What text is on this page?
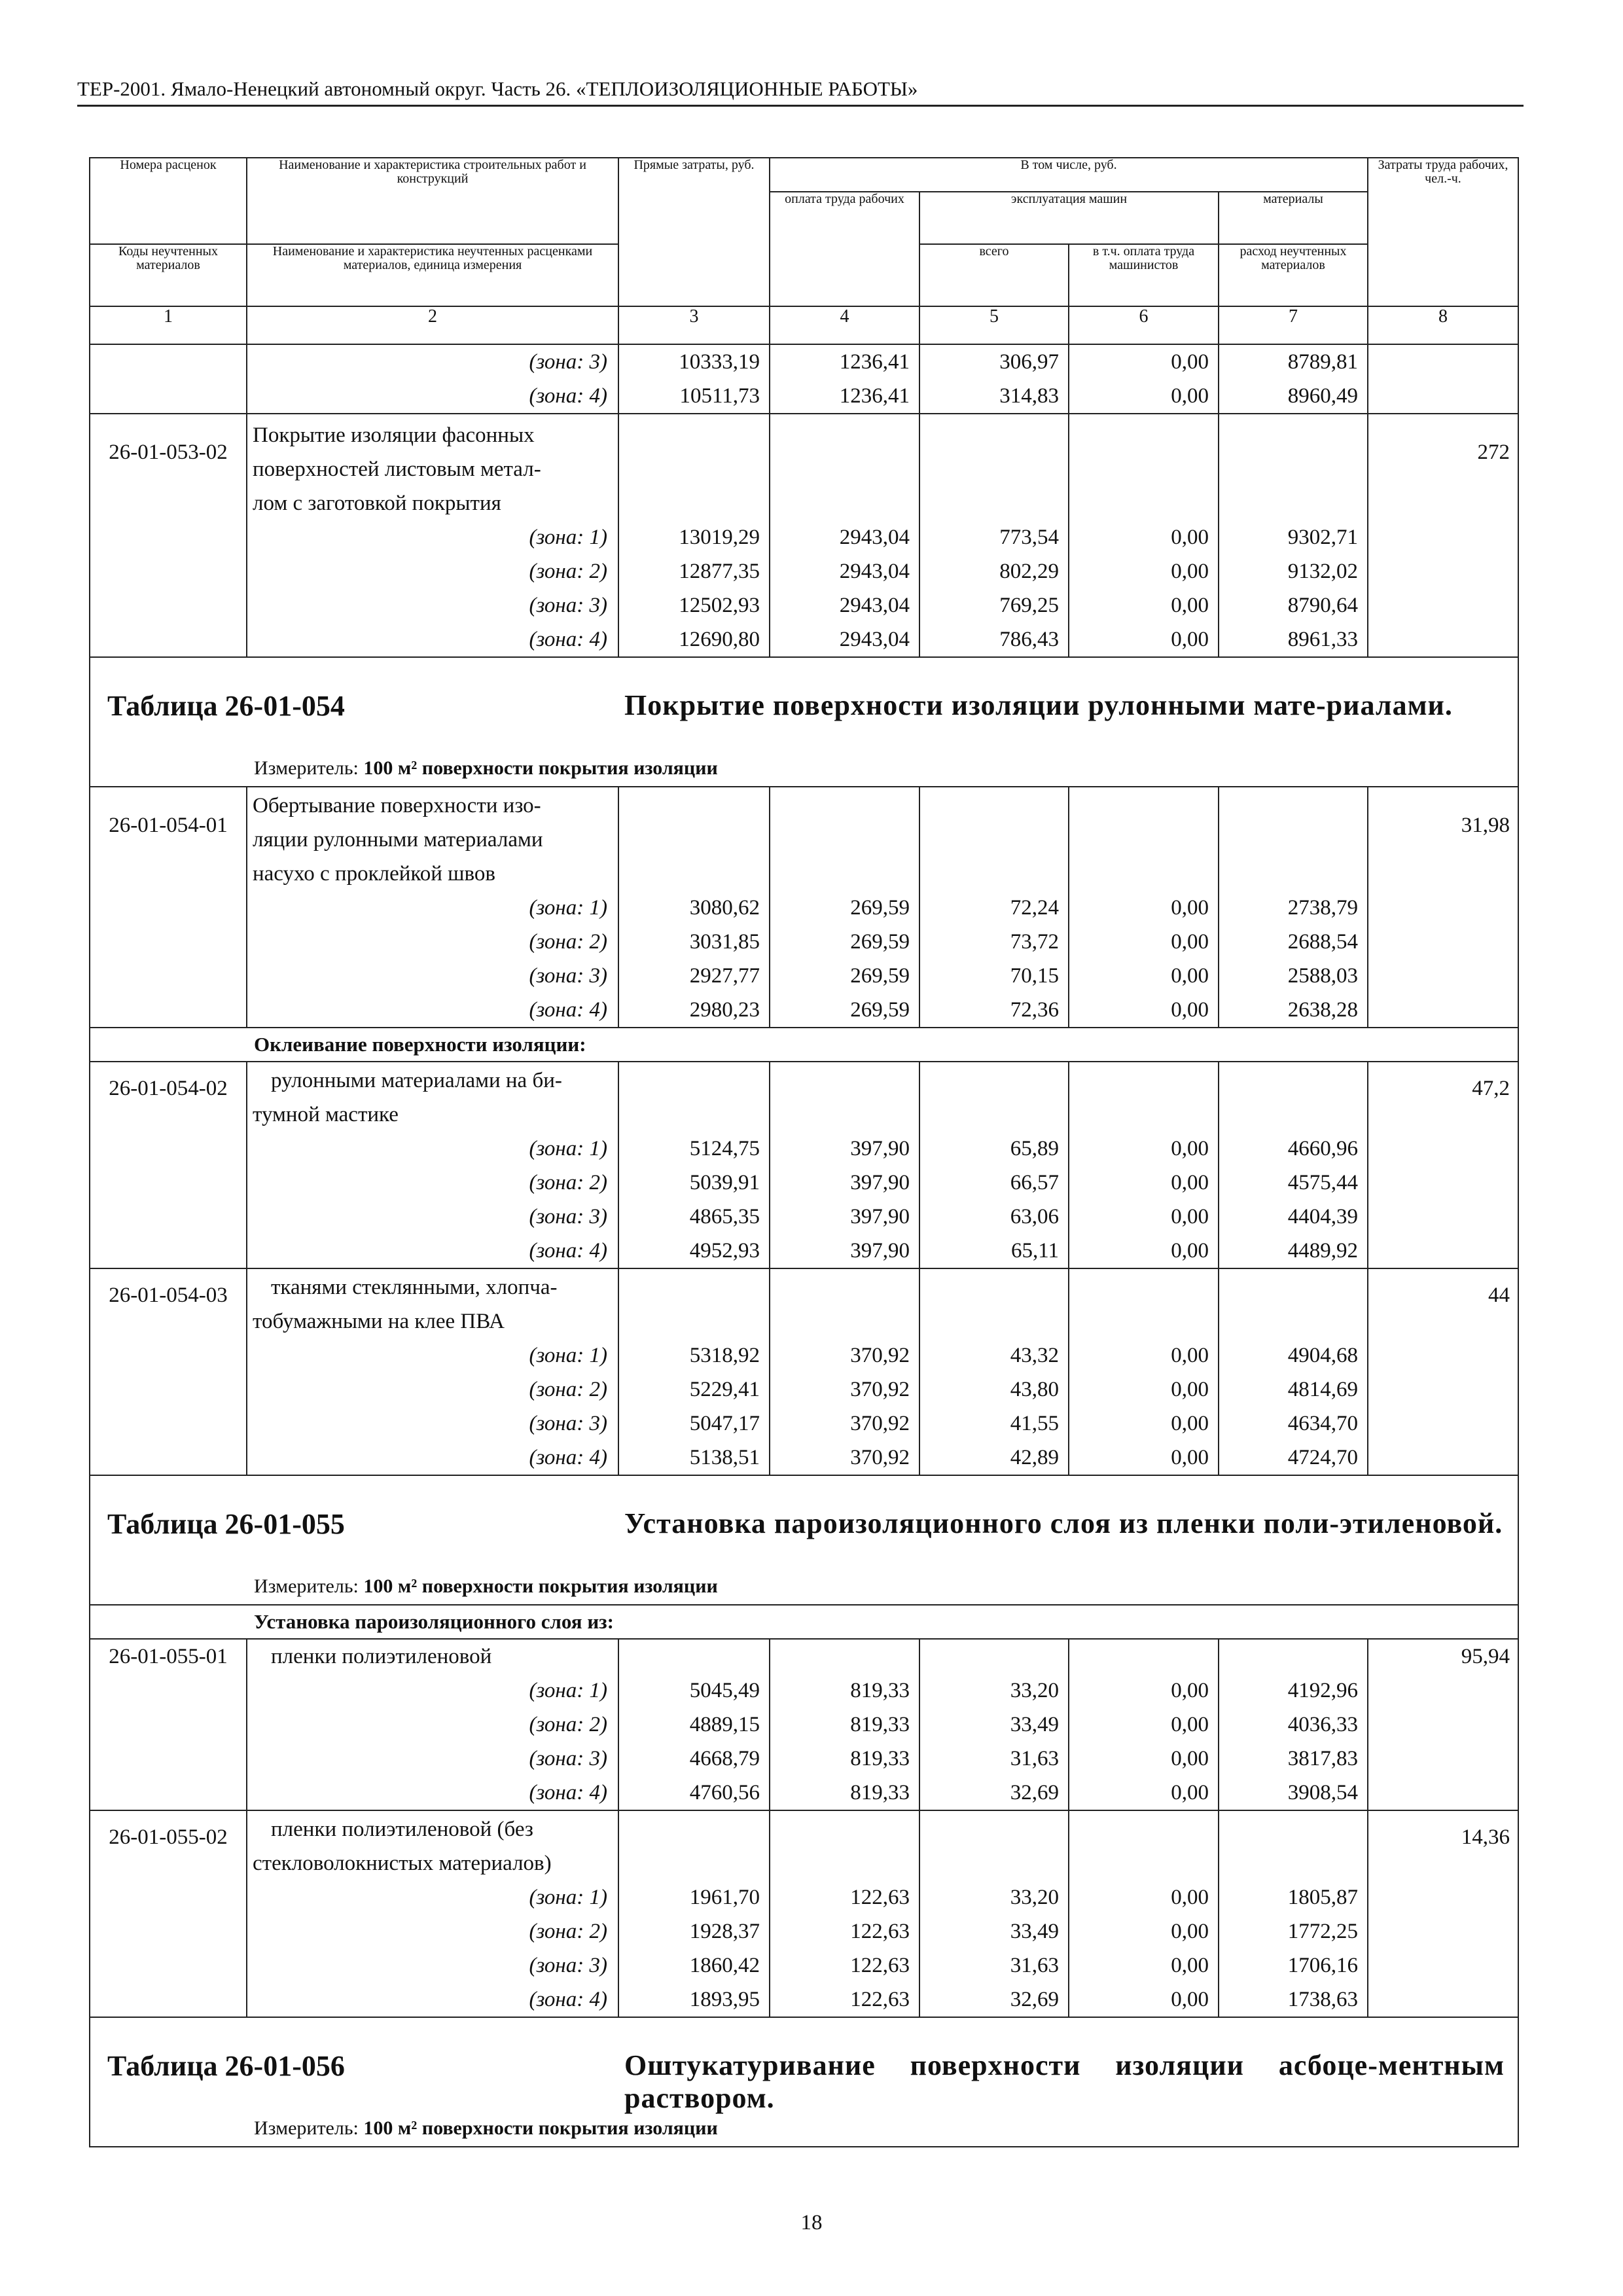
ТЕР-2001. Ямало-Ненецкий автономный округ. Часть 26. «ТЕПЛОИЗОЛЯЦИОННЫЕ РАБОТЫ»
Номера расценок	Наименование и характеристика строительных работ и конструкций	Прямые затраты, руб.	В том числе, руб.				Затраты труда рабочих, чел.-ч.
			оплата труда рабочих	эксплуатация машин		материалы	
Коды неучтенных материалов	Наименование и характеристика неучтенных расценками материалов, единица измерения			всего	в т.ч. оплата труда машинистов	расход неучтенных материалов	
1	2	3	4	5	6	7	8
	(зона: 3)	10333,19	1236,41	306,97	0,00	8789,81	
	(зона: 4)	10511,73	1236,41	314,83	0,00	8960,49	
26-01-053-02	Покрытие изоляции фасонных
поверхностей листовым метал-
лом с заготовкой покрытия						272
	(зона: 1)	13019,29	2943,04	773,54	0,00	9302,71	
	(зона: 2)	12877,35	2943,04	802,29	0,00	9132,02	
	(зона: 3)	12502,93	2943,04	769,25	0,00	8790,64	
	(зона: 4)	12690,80	2943,04	786,43	0,00	8961,33	

Таблица 26-01-054 Покрытие поверхности изоляции рулонными мате-риалами.
Измеритель: 100 м² поверхности покрытия изоляции							

26-01-054-01	Обертывание поверхности изо-
ляции рулонными материалами
насухо с проклейкой швов						31,98
	(зона: 1)	3080,62	269,59	72,24	0,00	2738,79	
	(зона: 2)	3031,85	269,59	73,72	0,00	2688,54	
	(зона: 3)	2927,77	269,59	70,15	0,00	2588,03	
	(зона: 4)	2980,23	269,59	72,36	0,00	2638,28	
Оклеивание поверхности изоляции:							
26-01-054-02	рулонными материалами на би-
тумной мастике						47,2
	(зона: 1)	5124,75	397,90	65,89	0,00	4660,96	
	(зона: 2)	5039,91	397,90	66,57	0,00	4575,44	
	(зона: 3)	4865,35	397,90	63,06	0,00	4404,39	
	(зона: 4)	4952,93	397,90	65,11	0,00	4489,92	
26-01-054-03	тканями стеклянными, хлопча-
тобумажными на клее ПВА						44
	(зона: 1)	5318,92	370,92	43,32	0,00	4904,68	
	(зона: 2)	5229,41	370,92	43,80	0,00	4814,69	
	(зона: 3)	5047,17	370,92	41,55	0,00	4634,70	
	(зона: 4)	5138,51	370,92	42,89	0,00	4724,70	

Таблица 26-01-055 Установка пароизоляционного слоя из пленки поли-этиленовой.
Измеритель: 100 м² поверхности покрытия изоляции							

Установка пароизоляционного слоя из:							
26-01-055-01	пленки полиэтиленовой						95,94
	(зона: 1)	5045,49	819,33	33,20	0,00	4192,96	
	(зона: 2)	4889,15	819,33	33,49	0,00	4036,33	
	(зона: 3)	4668,79	819,33	31,63	0,00	3817,83	
	(зона: 4)	4760,56	819,33	32,69	0,00	3908,54	
26-01-055-02	пленки полиэтиленовой (без
стекловолокнистых материалов)						14,36
	(зона: 1)	1961,70	122,63	33,20	0,00	1805,87	
	(зона: 2)	1928,37	122,63	33,49	0,00	1772,25	
	(зона: 3)	1860,42	122,63	31,63	0,00	1706,16	
	(зона: 4)	1893,95	122,63	32,69	0,00	1738,63	

Таблица 26-01-056 Оштукатуривание поверхности изоляции асбоце-ментным раствором.
Измеритель: 100 м² поверхности покрытия изоляции							
18
